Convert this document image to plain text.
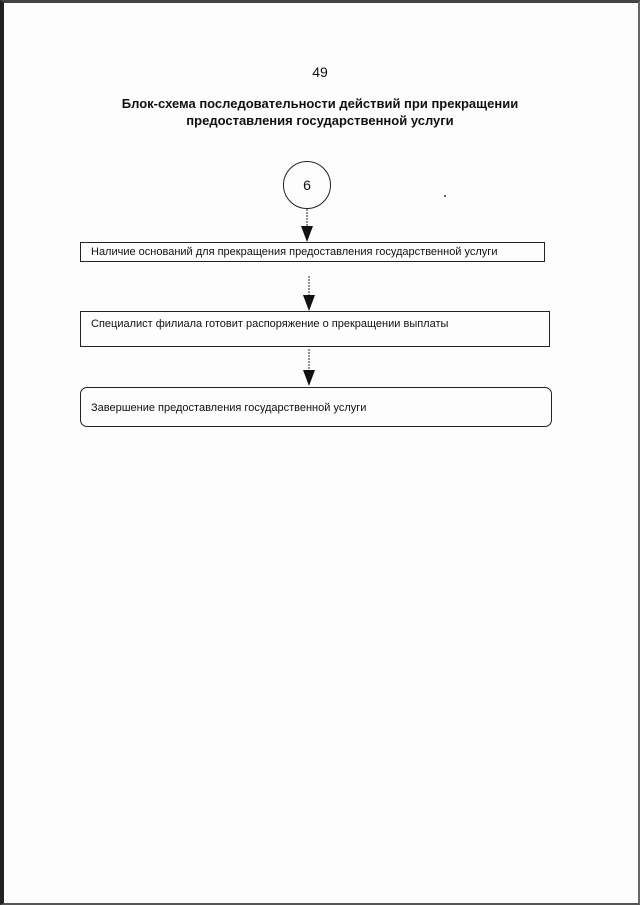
49
Блок-схема последовательности действий при прекращении
предоставления государственной услуги
6
Наличие оснований для прекращения предоставления государственной услуги
Специалист филиала готовит распоряжение о прекращении выплаты
Завершение предоставления государственной услуги
